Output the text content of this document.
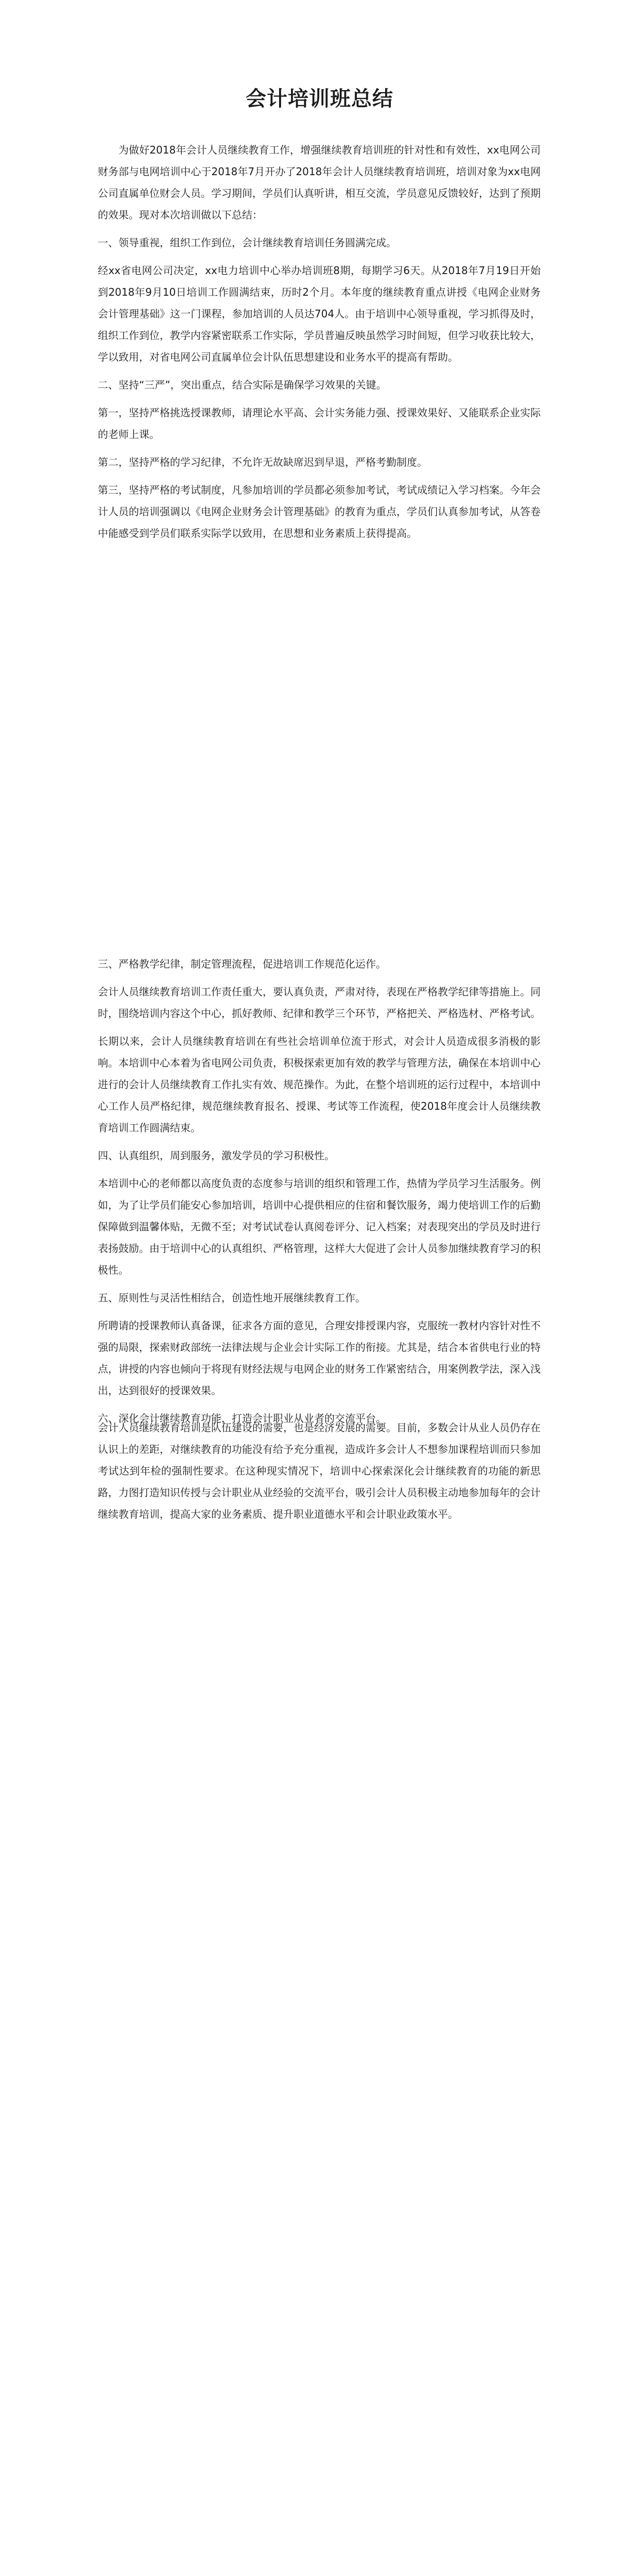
会计培训班总结

为做好2018年会计人员继续教育工作，增强继续教育培训班的针对性和有效性，xx电网公司财务部与电网培训中心于2018年7月开办了2018年会计人员继续教育培训班，培训对象为xx电网公司直属单位财会人员。学习期间，学员们认真听讲，相互交流，学员意见反馈较好，达到了预期的效果。现对本次培训做以下总结：

一、领导重视，组织工作到位，会计继续教育培训任务圆满完成。

经xx省电网公司决定，xx电力培训中心举办培训班8期，每期学习6天。从2018年7月19日开始到2018年9月10日培训工作圆满结束，历时2个月。本年度的继续教育重点讲授《电网企业财务会计管理基础》这一门课程，参加培训的人员达704人。由于培训中心领导重视，学习抓得及时，组织工作到位，教学内容紧密联系工作实际，学员普遍反映虽然学习时间短，但学习收获比较大，学以致用，对省电网公司直属单位会计队伍思想建设和业务水平的提高有帮助。

二、坚持“三严”，突出重点，结合实际是确保学习效果的关键。

第一，坚持严格挑选授课教师，请理论水平高、会计实务能力强、授课效果好、又能联系企业实际的老师上课。

第二，坚持严格的学习纪律，不允许无故缺席迟到早退，严格考勤制度。

第三，坚持严格的考试制度，凡参加培训的学员都必须参加考试，考试成绩记入学习档案。今年会计人员的培训强调以《电网企业财务会计管理基础》的教育为重点，学员们认真参加考试，从答卷中能感受到学员们联系实际学以致用，在思想和业务素质上获得提高。

三、严格教学纪律，制定管理流程，促进培训工作规范化运作。

会计人员继续教育培训工作责任重大，要认真负责，严肃对待，表现在严格教学纪律等措施上。同时，围绕培训内容这个中心，抓好教师、纪律和教学三个环节，严格把关、严格选材、严格考试。

长期以来，会计人员继续教育培训在有些社会培训单位流于形式，对会计人员造成很多消极的影响。本培训中心本着为省电网公司负责，积极探索更加有效的教学与管理方法，确保在本培训中心进行的会计人员继续教育工作扎实有效、规范操作。为此，在整个培训班的运行过程中，本培训中心工作人员严格纪律，规范继续教育报名、授课、考试等工作流程，使2018年度会计人员继续教育培训工作圆满结束。

四、认真组织，周到服务，激发学员的学习积极性。

本培训中心的老师都以高度负责的态度参与培训的组织和管理工作，热情为学员学习生活服务。例如，为了让学员们能安心参加培训，培训中心提供相应的住宿和餐饮服务，竭力使培训工作的后勤保障做到温馨体贴，无微不至；对考试试卷认真阅卷评分、记入档案；对表现突出的学员及时进行表扬鼓励。由于培训中心的认真组织、严格管理，这样大大促进了会计人员参加继续教育学习的积极性。

五、原则性与灵活性相结合，创造性地开展继续教育工作。

所聘请的授课教师认真备课，征求各方面的意见，合理安排授课内容，克服统一教材内容针对性不强的局限，探索财政部统一法律法规与企业会计实际工作的衔接。尤其是，结合本省供电行业的特点，讲授的内容也倾向于将现有财经法规与电网企业的财务工作紧密结合，用案例教学法，深入浅出，达到很好的授课效果。

六、深化会计继续教育功能，打造会计职业从业者的交流平台。

会计人员继续教育培训是队伍建设的需要，也是经济发展的需要。目前，多数会计从业人员仍存在认识上的差距，对继续教育的功能没有给予充分重视，造成许多会计人不想参加课程培训而只参加考试达到年检的强制性要求。在这种现实情况下，培训中心探索深化会计继续教育的功能的新思路，力图打造知识传授与会计职业从业经验的交流平台，吸引会计人员积极主动地参加每年的会计继续教育培训，提高大家的业务素质、提升职业道德水平和会计职业政策水平。
